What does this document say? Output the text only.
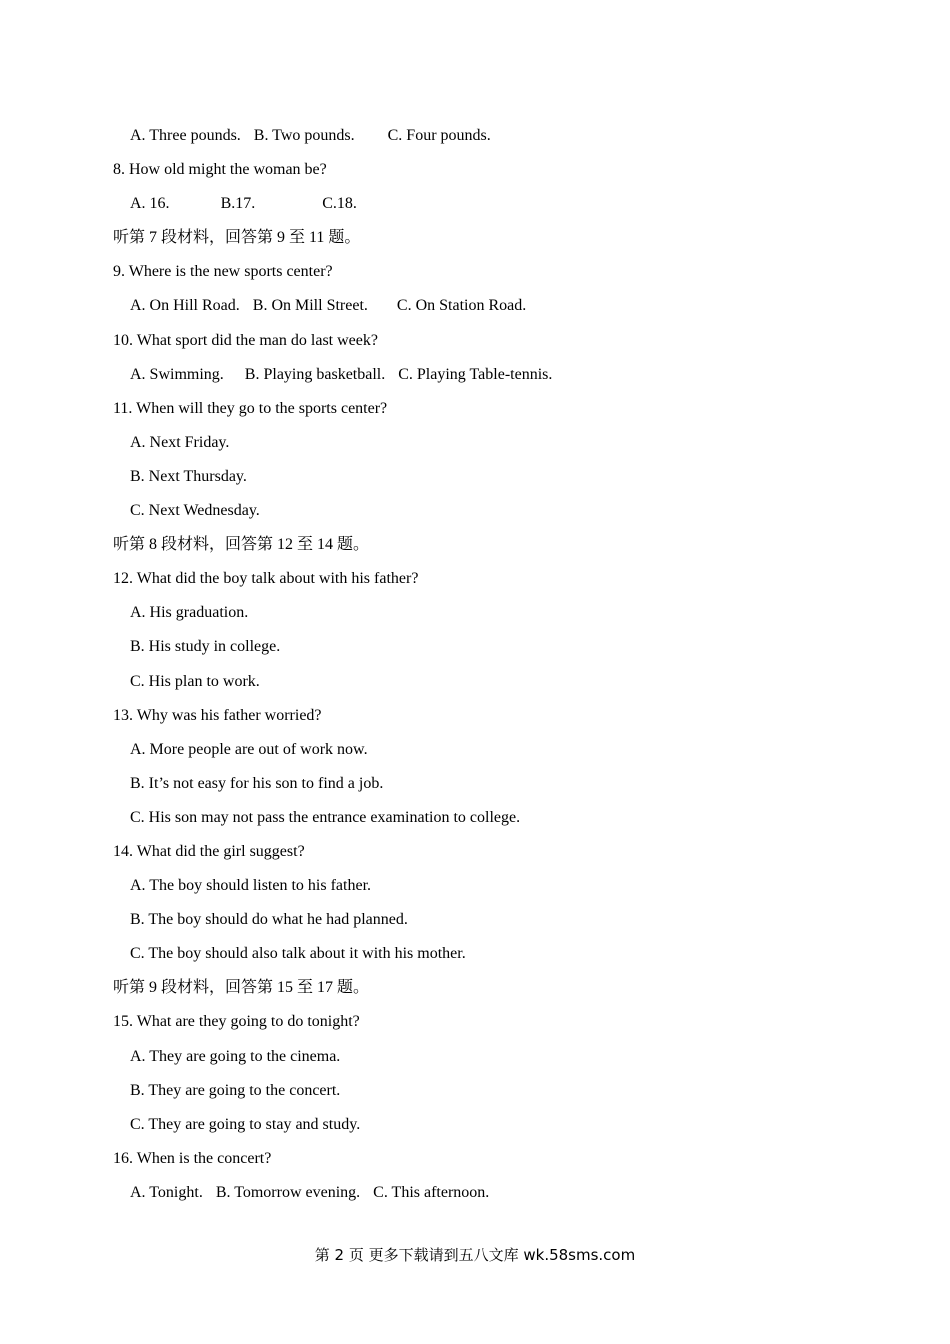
A. Three pounds. B. Two pounds. C. Four pounds.
8. How old might the woman be?
A. 16.	B.17.	C.18.
听第 7 段材料，回答第 9 至 11 题。
9. Where is the new sports center?
A. On Hill Road. B. On Mill Street. C. On Station Road.
10. What sport did the man do last week?
A. Swimming. B. Playing basketball. C. Playing Table-tennis.
11. When will they go to the sports center?
A. Next Friday.
B. Next Thursday.
C. Next Wednesday.
听第 8 段材料，回答第 12 至 14 题。
12. What did the boy talk about with his father?
A. His graduation.
B. His study in college.
C. His plan to work.
13. Why was his father worried?
A. More people are out of work now.
B. It’s not easy for his son to find a job.
C. His son may not pass the entrance examination to college.
14. What did the girl suggest?
A. The boy should listen to his father.
B. The boy should do what he had planned.
C. The boy should also talk about it with his mother.
听第 9 段材料，回答第 15 至 17 题。
15. What are they going to do tonight?
A. They are going to the cinema.
B. They are going to the concert.
C. They are going to stay and study.
16. When is the concert?
A. Tonight. B. Tomorrow evening. C. This afternoon.
第 2 页 更多下载请到五八文库 wk.58sms.com
